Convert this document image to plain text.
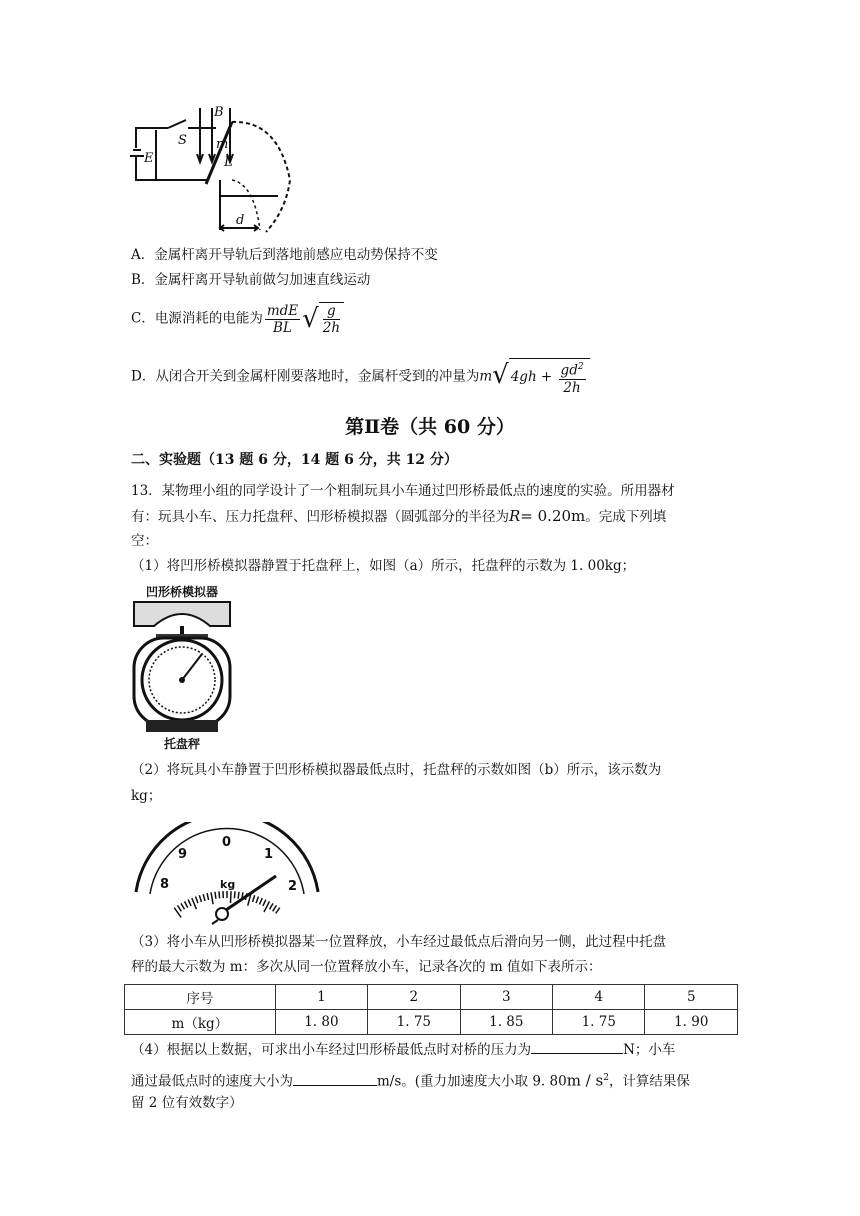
B
S
E
m
L
d
A．金属杆离开导轨后到落地前感应电动势保持不变
B．金属杆离开导轨前做匀加速直线运动
C．电源消耗的电能为 $\frac{\text{mdE}}{BL}$ √ $\frac{g}{2h}$
D．从闭合开关到金属杆刚要落地时，金属杆受到的冲量为m √ 4gh +
$\frac{gd^2}{2h}$
第Ⅱ卷（共 60 分）
二、实验题（13 题 6 分，14 题 6 分，共 12 分）
13．某物理小组的同学设计了一个粗制玩具小车通过凹形桥最低点的速度的实验。所用器材
有：玩具小车、压力托盘秤、凹形桥模拟器（圆弧部分的半径为R= 0.20m。完成下列填
空：
（1）将凹形桥模拟器静置于托盘秤上，如图（a）所示，托盘秤的示数为 1. 00kg；
凹形桥模拟器
托盘秤
（2）将玩具小车静置于凹形桥模拟器最低点时，托盘秤的示数如图（b）所示，该示数为
kg；
8
9
0
1
2
kg
（3）将小车从凹形桥模拟器某一位置释放，小车经过最低点后滑向另一侧，此过程中托盘
秤的最大示数为 m：多次从同一位置释放小车，记录各次的 m 值如下表所示：
序号	1	2	3	4	5
m（kg）	1. 80	1. 75	1. 85	1. 75	1. 90
（4）根据以上数据，可求出小车经过凹形桥最低点时对桥的压力为	N；小车
通过最低点时的速度大小为	m/s。(重力加速度大小取 9. $80m / s^2$，计算结果保
留 2 位有效数字）
